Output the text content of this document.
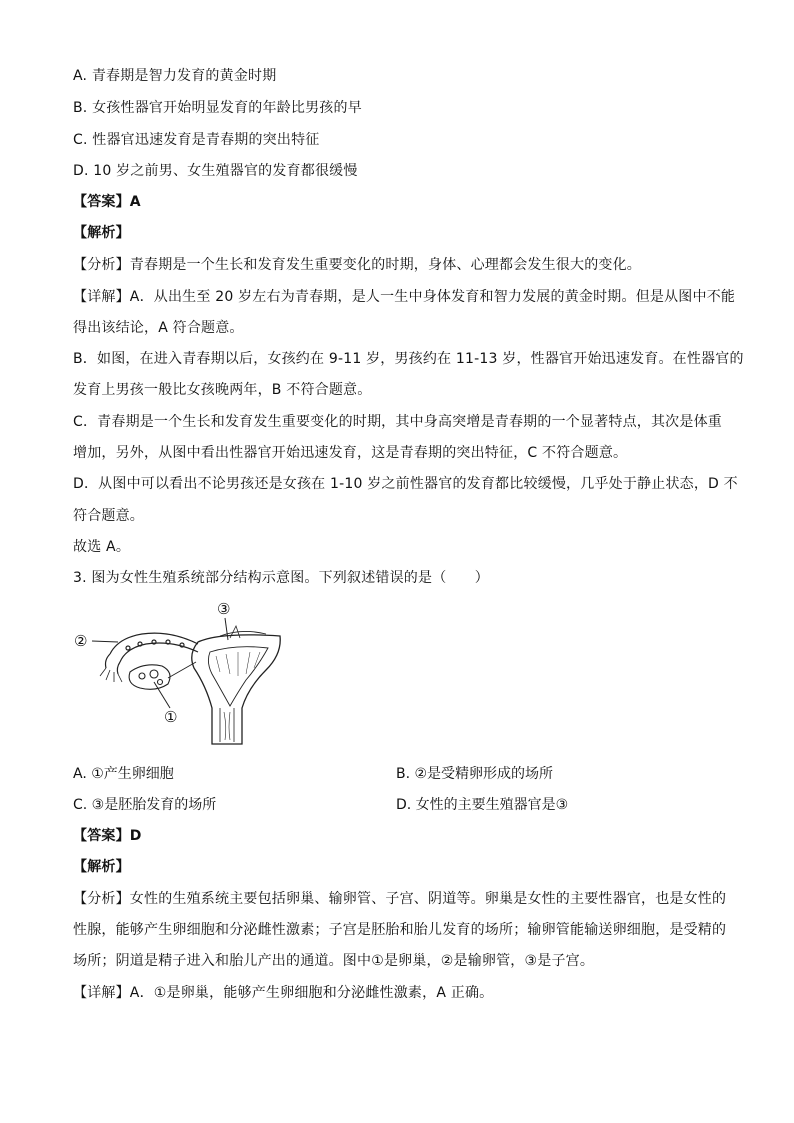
A. 青春期是智力发育的黄金时期
B. 女孩性器官开始明显发育的年龄比男孩的早
C. 性器官迅速发育是青春期的突出特征
D. 10 岁之前男、女生殖器官的发育都很缓慢
【答案】A
【解析】
【分析】青春期是一个生长和发育发生重要变化的时期，身体、心理都会发生很大的变化。
【详解】A．从出生至 20 岁左右为青春期，是人一生中身体发育和智力发展的黄金时期。但是从图中不能
得出该结论，A 符合题意。
B．如图，在进入青春期以后，女孩约在 9-11 岁，男孩约在 11-13 岁，性器官开始迅速发育。在性器官的
发育上男孩一般比女孩晚两年，B 不符合题意。
C．青春期是一个生长和发育发生重要变化的时期，其中身高突增是青春期的一个显著特点，其次是体重
增加，另外，从图中看出性器官开始迅速发育，这是青春期的突出特征，C 不符合题意。
D．从图中可以看出不论男孩还是女孩在 1-10 岁之前性器官的发育都比较缓慢，几乎处于静止状态，D 不
符合题意。
故选 A。
3. 图为女性生殖系统部分结构示意图。下列叙述错误的是（　　）
②
③
①
A. ①产生卵细胞	B. ②是受精卵形成的场所
C. ③是胚胎发育的场所	D. 女性的主要生殖器官是③
【答案】D
【解析】
【分析】女性的生殖系统主要包括卵巢、输卵管、子宫、阴道等。卵巢是女性的主要性器官，也是女性的
性腺，能够产生卵细胞和分泌雌性激素；子宫是胚胎和胎儿发育的场所；输卵管能输送卵细胞，是受精的
场所；阴道是精子进入和胎儿产出的通道。图中①是卵巢，②是输卵管，③是子宫。
【详解】A．①是卵巢，能够产生卵细胞和分泌雌性激素，A 正确。
